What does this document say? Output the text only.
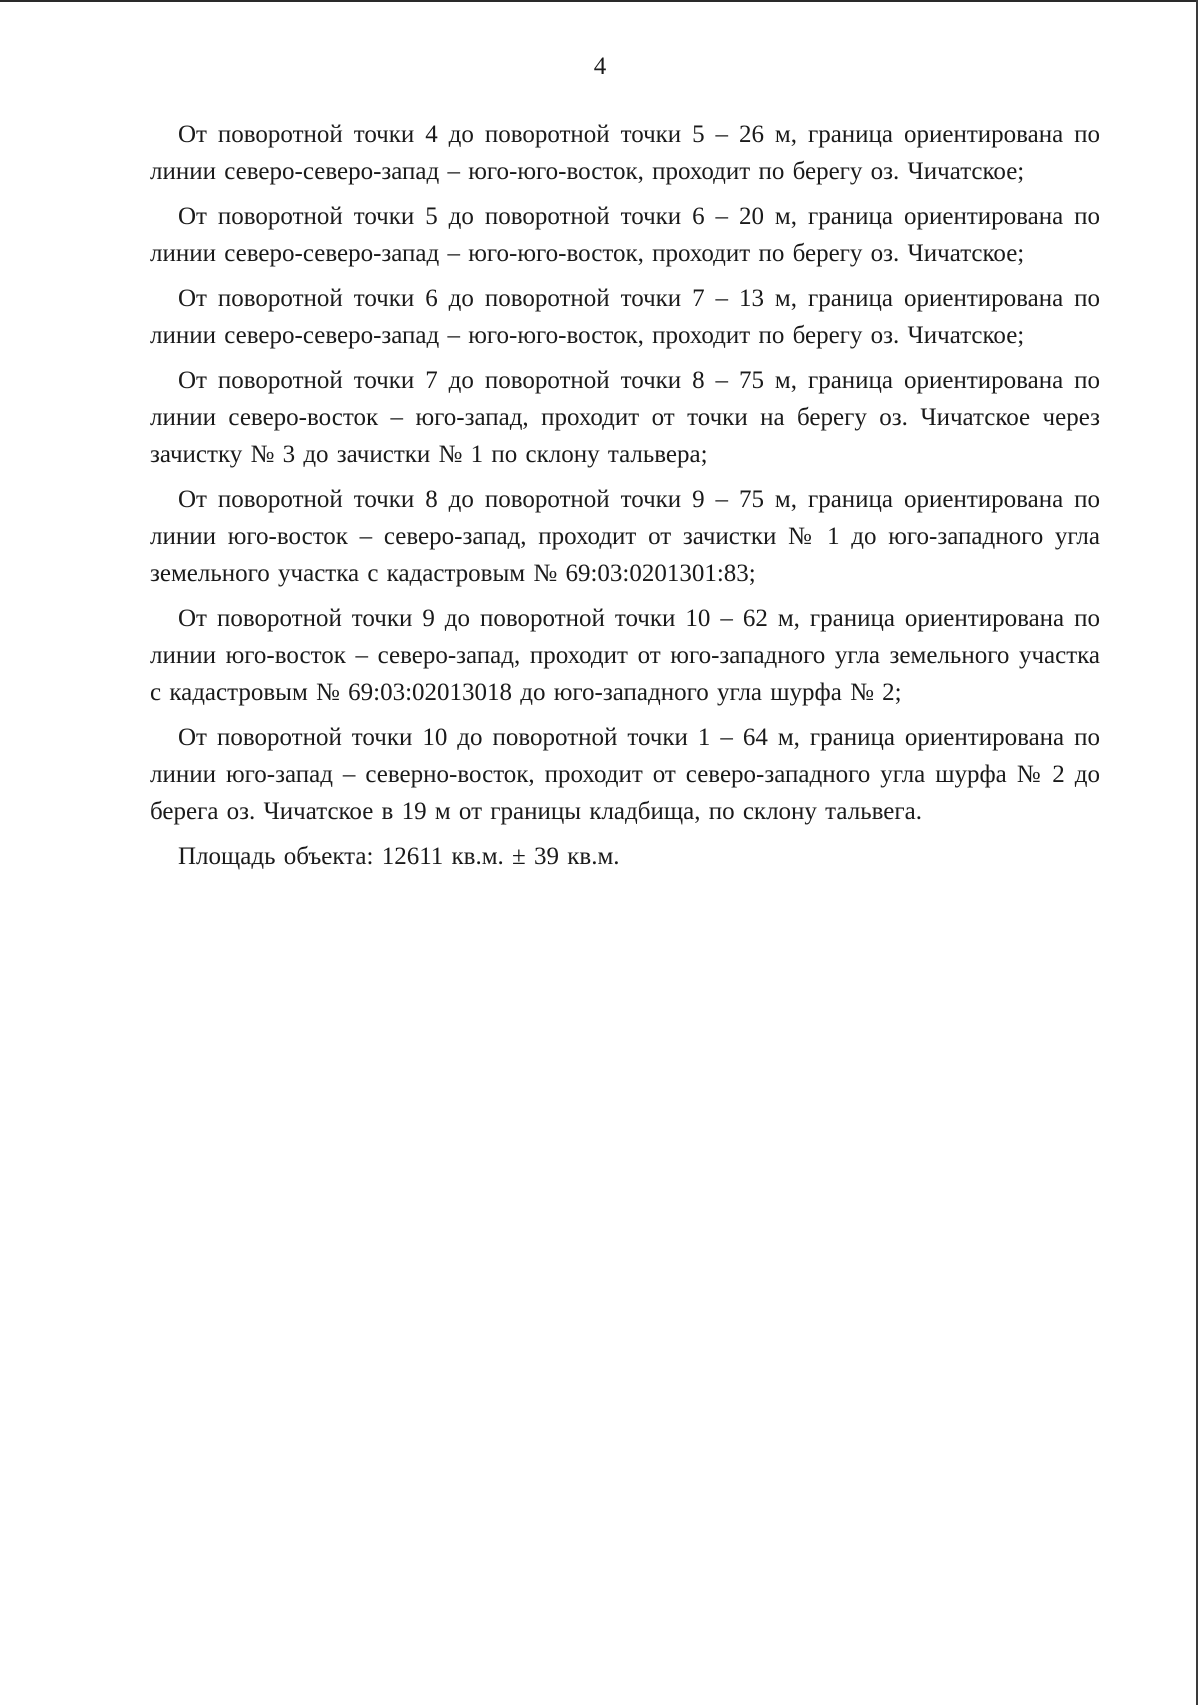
4

От поворотной точки 4 до поворотной точки 5 – 26 м, граница ориентирована по линии северо-северо-запад – юго-юго-восток, проходит по берегу оз. Чичатское;

От поворотной точки 5 до поворотной точки 6 – 20 м, граница ориентирована по линии северо-северо-запад – юго-юго-восток, проходит по берегу оз. Чичатское;

От поворотной точки 6 до поворотной точки 7 – 13 м, граница ориентирована по линии северо-северо-запад – юго-юго-восток, проходит по берегу оз. Чичатское;

От поворотной точки 7 до поворотной точки 8 – 75 м, граница ориентирована по линии северо-восток – юго-запад, проходит от точки на берегу оз. Чичатское через зачистку № 3 до зачистки № 1 по склону тальвера;

От поворотной точки 8 до поворотной точки 9 – 75 м, граница ориентирована по линии юго-восток – северо-запад, проходит от зачистки № 1 до юго-западного угла земельного участка с кадастровым № 69:03:0201301:83;

От поворотной точки 9 до поворотной точки 10 – 62 м, граница ориентирована по линии юго-восток – северо-запад, проходит от юго-западного угла земельного участка с кадастровым № 69:03:02013018 до юго-западного угла шурфа № 2;

От поворотной точки 10 до поворотной точки 1 – 64 м, граница ориентирована по линии юго-запад – северно-восток, проходит от северо-западного угла шурфа № 2 до берега оз. Чичатское в 19 м от границы кладбища, по склону тальвега.

Площадь объекта: 12611 кв.м. ± 39 кв.м.
